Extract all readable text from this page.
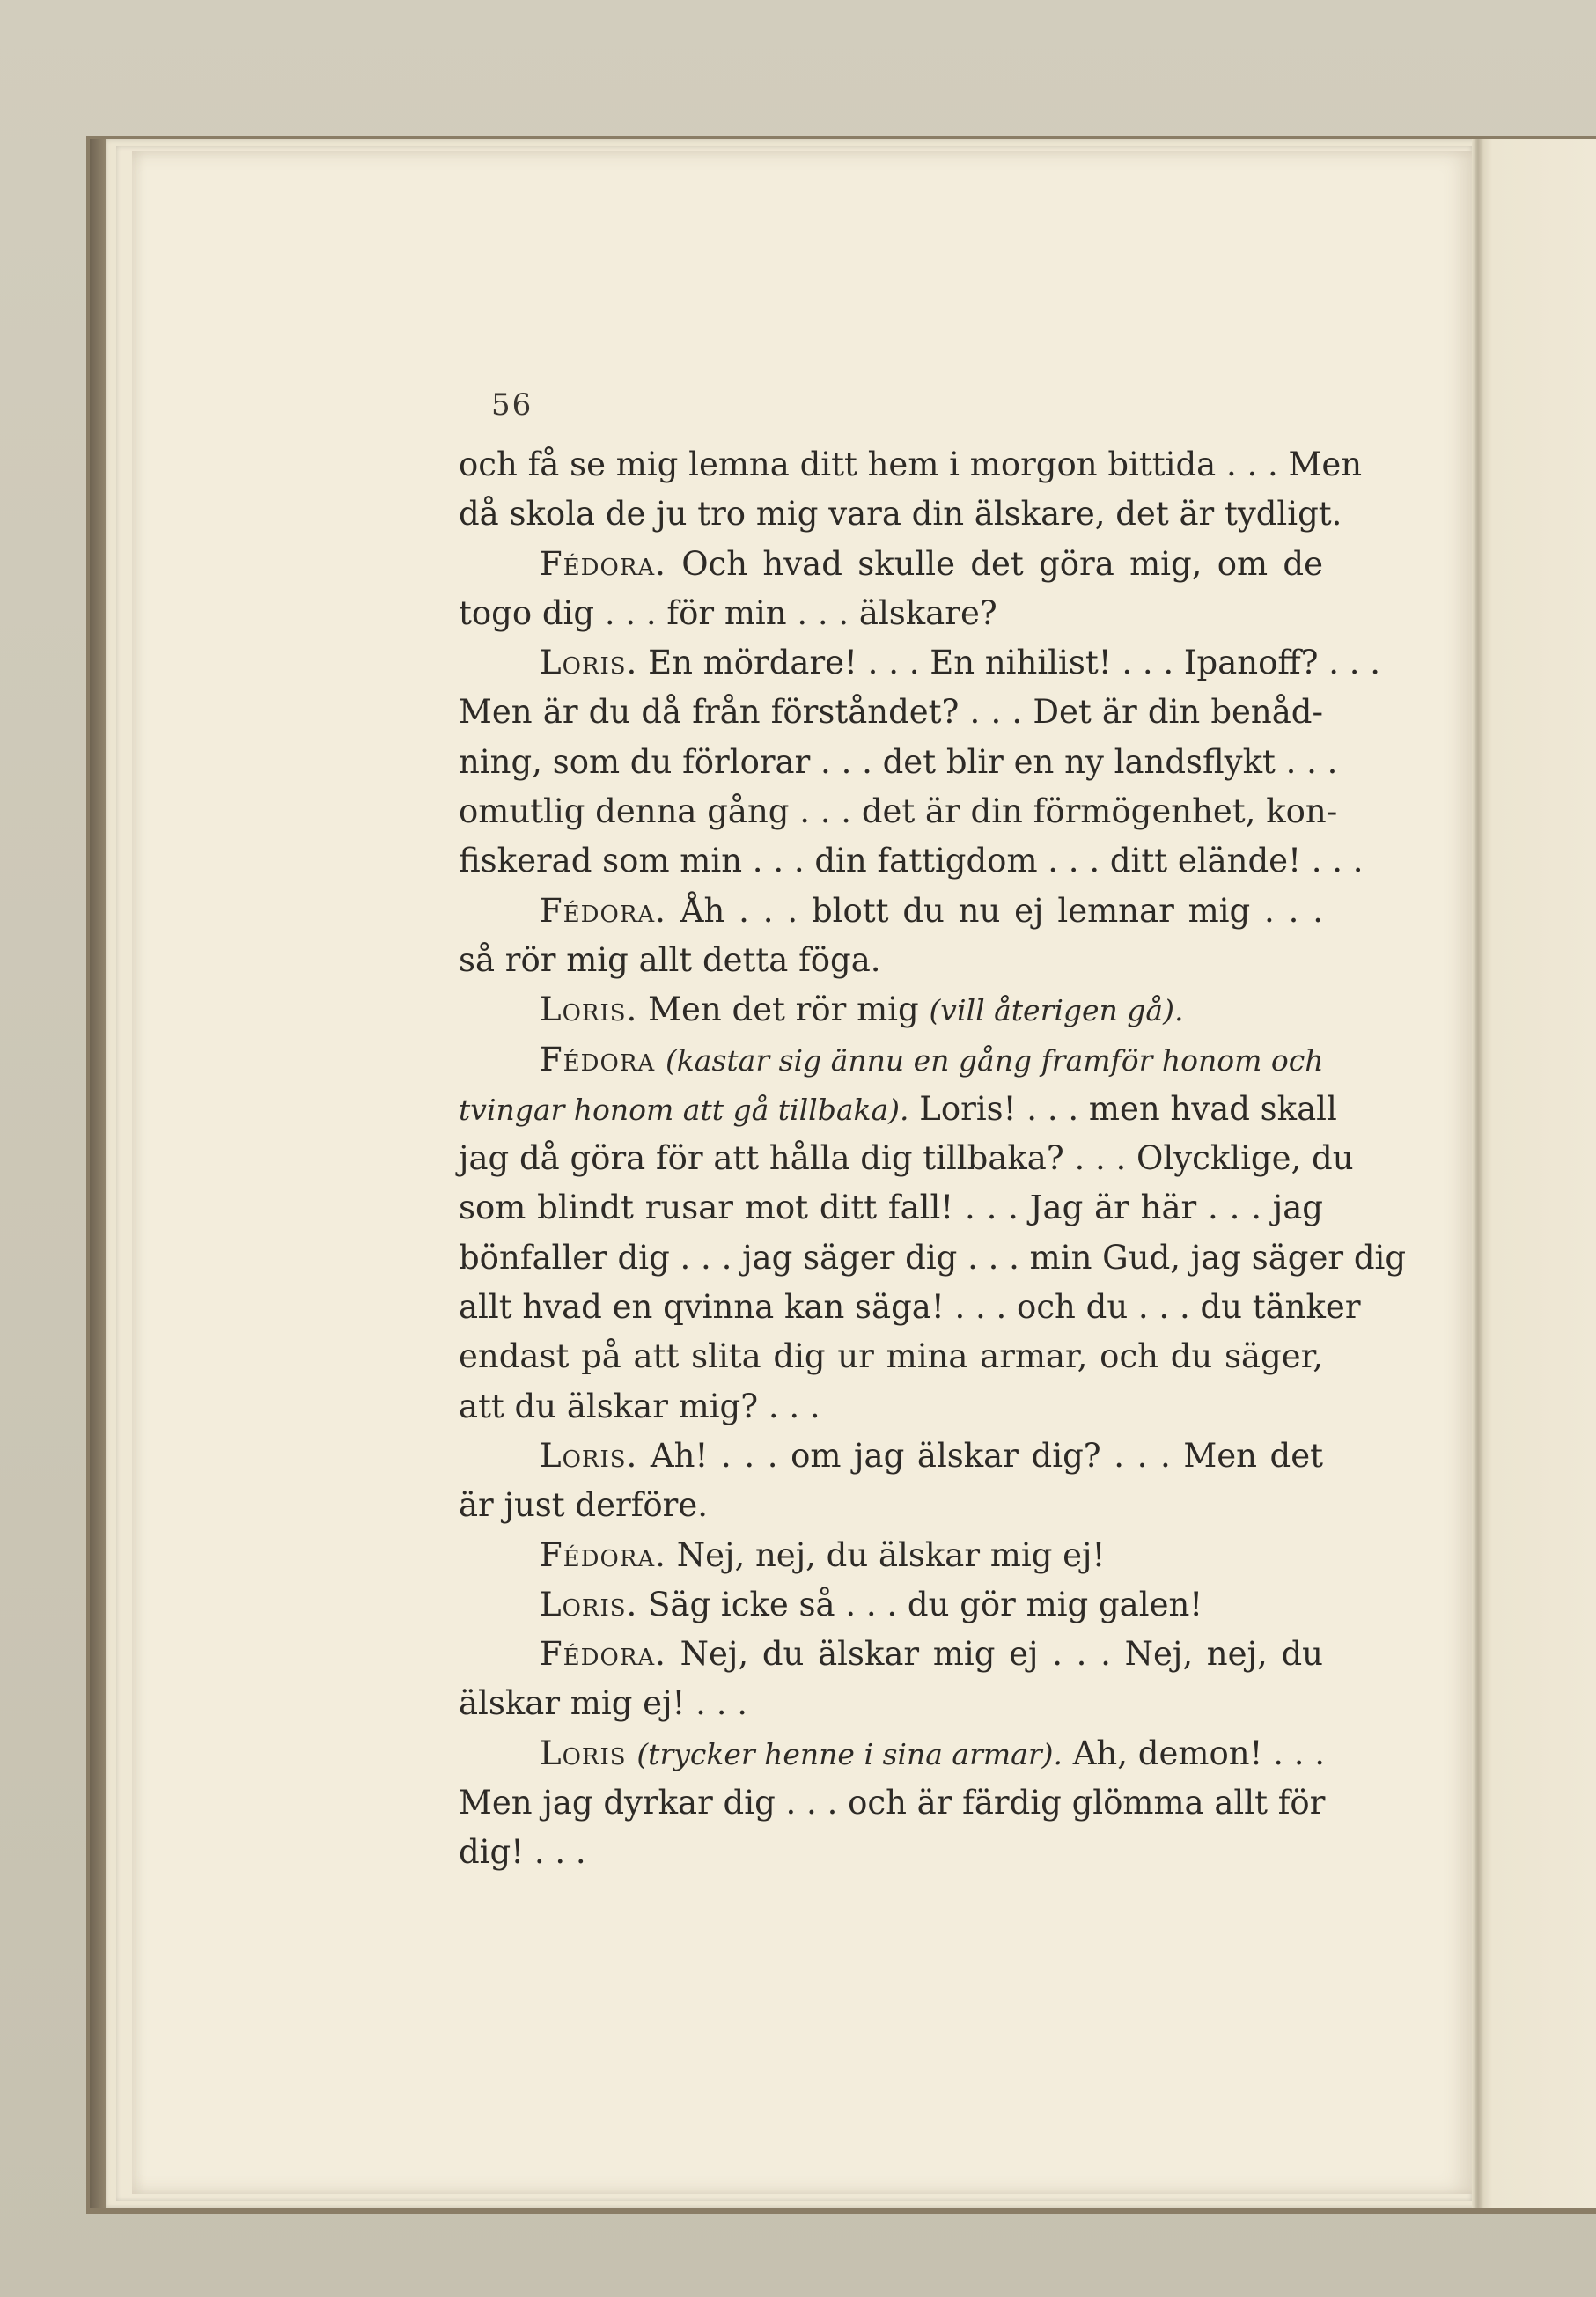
56
och få se mig lemna ditt hem i morgon bittida . . . Men
då skola de ju tro mig vara din älskare, det är tydligt.
Fédora. Och hvad skulle det göra mig, om de
togo dig . . . för min . . . älskare?
Loris. En mördare! . . . En nihilist! . . . Ipanoff? . . .
Men är du då från förståndet? . . . Det är din benåd-
ning, som du förlorar . . . det blir en ny landsflykt . . .
omutlig denna gång . . . det är din förmögenhet, kon-
fiskerad som min . . . din fattigdom . . . ditt elände! . . .
Fédora. Åh . . . blott du nu ej lemnar mig . . .
så rör mig allt detta föga.
Loris. Men det rör mig (vill återigen gå).
Fédora (kastar sig ännu en gång framför honom och
tvingar honom att gå tillbaka). Loris! . . . men hvad skall
jag då göra för att hålla dig tillbaka? . . . Olycklige, du
som blindt rusar mot ditt fall! . . . Jag är här . . . jag
bönfaller dig . . . jag säger dig . . . min Gud, jag säger dig
allt hvad en qvinna kan säga! . . . och du . . . du tänker
endast på att slita dig ur mina armar, och du säger,
att du älskar mig? . . .
Loris. Ah! . . . om jag älskar dig? . . . Men det
är just derföre.
Fédora. Nej, nej, du älskar mig ej!
Loris. Säg icke så . . . du gör mig galen!
Fédora. Nej, du älskar mig ej . . . Nej, nej, du
älskar mig ej! . . .
Loris (trycker henne i sina armar). Ah, demon! . . .
Men jag dyrkar dig . . . och är färdig glömma allt för
dig! . . .
